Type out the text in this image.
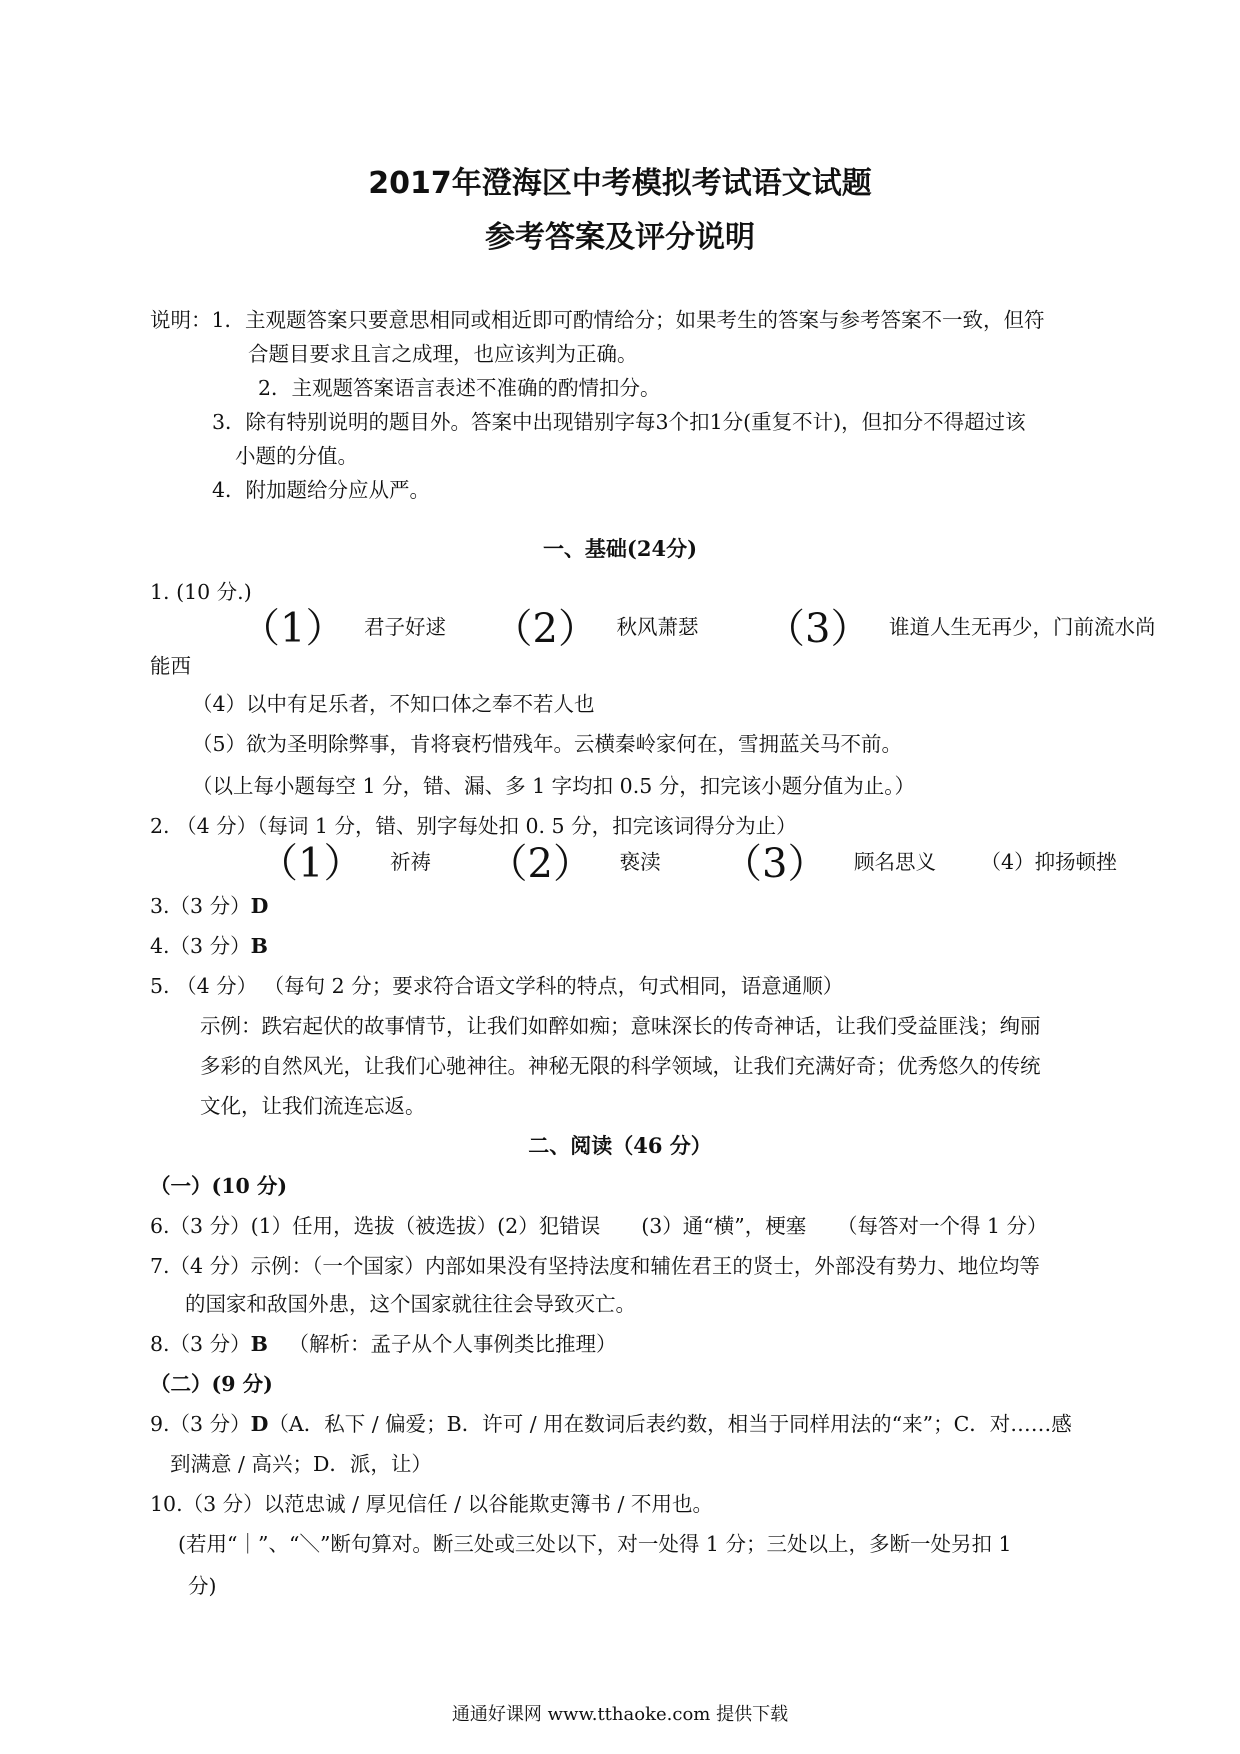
2017年澄海区中考模拟考试语文试题
参考答案及评分说明
说明：1．主观题答案只要意思相同或相近即可酌情给分；如果考生的答案与参考答案不一致，但符
合题目要求且言之成理，也应该判为正确。
2．主观题答案语言表述不准确的酌情扣分。
3．除有特别说明的题目外。答案中出现错别字每3个扣1分(重复不计)，但扣分不得超过该
小题的分值。
4．附加题给分应从严。
一、基础(24分)
1. (10 分.)
（1） 君子好逑 （2） 秋风萧瑟 （3） 谁道人生无再少，门前流水尚
能西
（4）以中有足乐者，不知口体之奉不若人也
（5）欲为圣明除弊事，肯将衰朽惜残年。云横秦岭家何在，雪拥蓝关马不前。
（以上每小题每空 1 分，错、漏、多 1 字均扣 0.5 分，扣完该小题分值为止。）
2. （4 分）（每词 1 分，错、别字每处扣 0. 5 分，扣完该词得分为止）
（1） 祈祷 （2） 亵渎 （3） 顾名思义 （4）抑扬顿挫
3.（3 分）D
4.（3 分）B
5. （4 分） （每句 2 分；要求符合语文学科的特点，句式相同，语意通顺）
示例：跌宕起伏的故事情节，让我们如醉如痴；意味深长的传奇神话，让我们受益匪浅；绚丽
多彩的自然风光，让我们心驰神往。神秘无限的科学领域，让我们充满好奇；优秀悠久的传统
文化，让我们流连忘返。
二、阅读（46 分）
（一）(10 分)
6.（3 分）(1）任用，选拔（被选拔）(2）犯错误　　(3）通“横”，梗塞　　（每答对一个得 1 分）
7.（4 分）示例：（一个国家）内部如果没有坚持法度和辅佐君王的贤士，外部没有势力、地位均等
的国家和敌国外患，这个国家就往往会导致灭亡。
8.（3 分）B （解析：孟子从个人事例类比推理）
（二）(9 分)
9.（3 分）D（A．私下 / 偏爱；B．许可 / 用在数词后表约数，相当于同样用法的“来”；C．对……感
到满意 / 高兴；D．派，让）
10.（3 分）以范忠诚 / 厚见信任 / 以谷能欺吏簿书 / 不用也。
(若用“｜”、“＼”断句算对。断三处或三处以下，对一处得 1 分；三处以上，多断一处另扣 1
分)
通通好课网 www.tthaoke.com 提供下载
